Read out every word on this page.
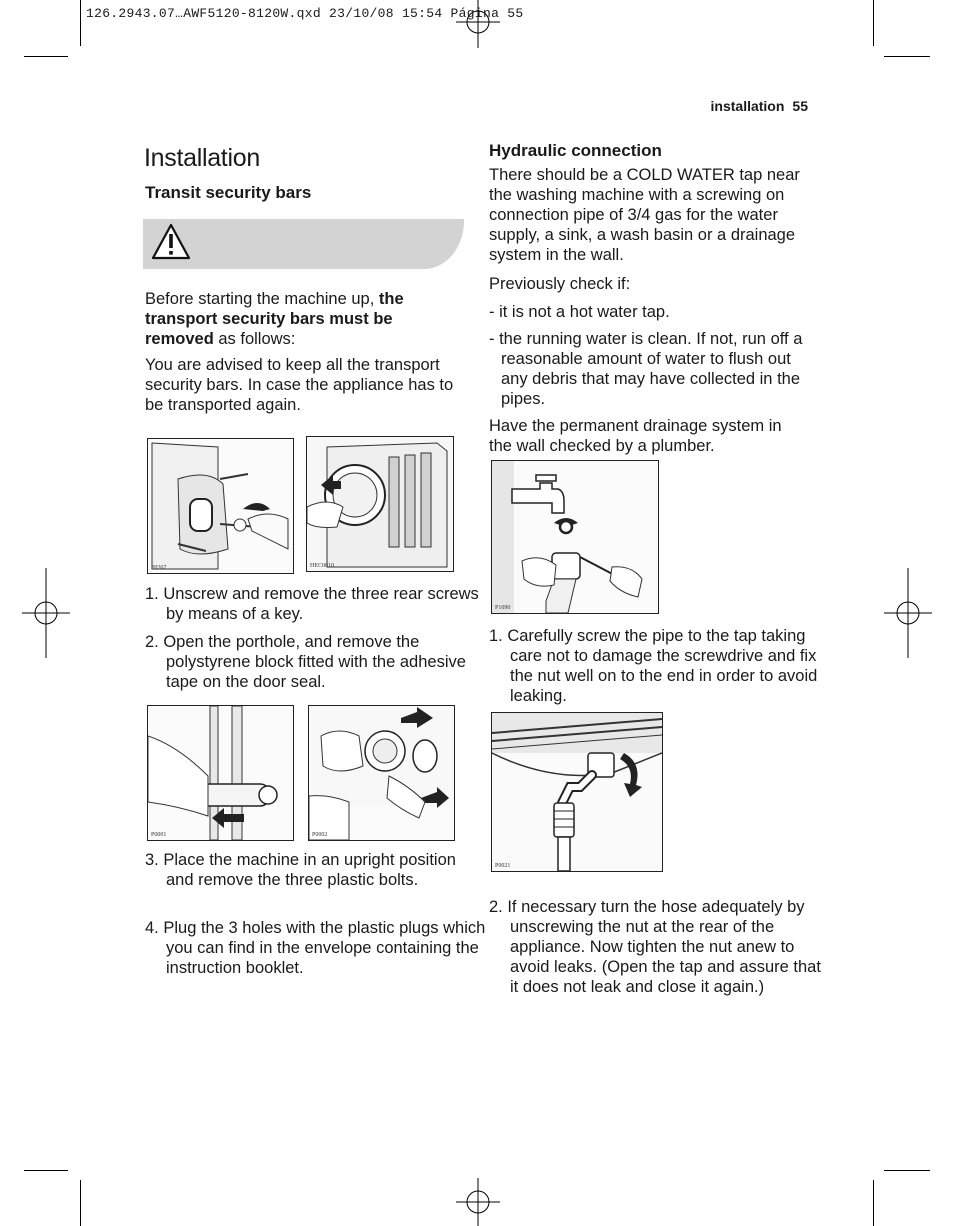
126.2943.07…AWF5120-8120W.qxd 23/10/08 15:54 Página 55
installation 55
Installation
Transit security bars
Before starting the machine up, the transport security bars must be removed as follows:
You are advised to keep all the transport security bars. In case the appliance has to be transported again.
P0267	HEC0010
1. Unscrew and remove the three rear screws by means of a key.
2. Open the porthole, and remove the polystyrene block fitted with the adhesive tape on the door seal.
P0001	P0002
3. Place the machine in an upright position and remove the three plastic bolts.
4. Plug the 3 holes with the plastic plugs which you can find in the envelope containing the instruction booklet.
Hydraulic connection
There should be a COLD WATER tap near the washing machine with a screwing on connection pipe of 3/4 gas for the water supply, a sink, a wash basin or a drainage system in the wall.
Previously check if:
- it is not a hot water tap.
- the running water is clean. If not, run off a reasonable amount of water to flush out any debris that may have collected in the pipes.
Have the permanent drainage system in the wall checked by a plumber.
P1090
1. Carefully screw the pipe to the tap taking care not to damage the screwdrive and fix the nut well on to the end in order to avoid leaking.
P0021
2. If necessary turn the hose adequately by unscrewing the nut at the rear of the appliance. Now tighten the nut anew to avoid leaks. (Open the tap and assure that it does not leak and close it again.)
